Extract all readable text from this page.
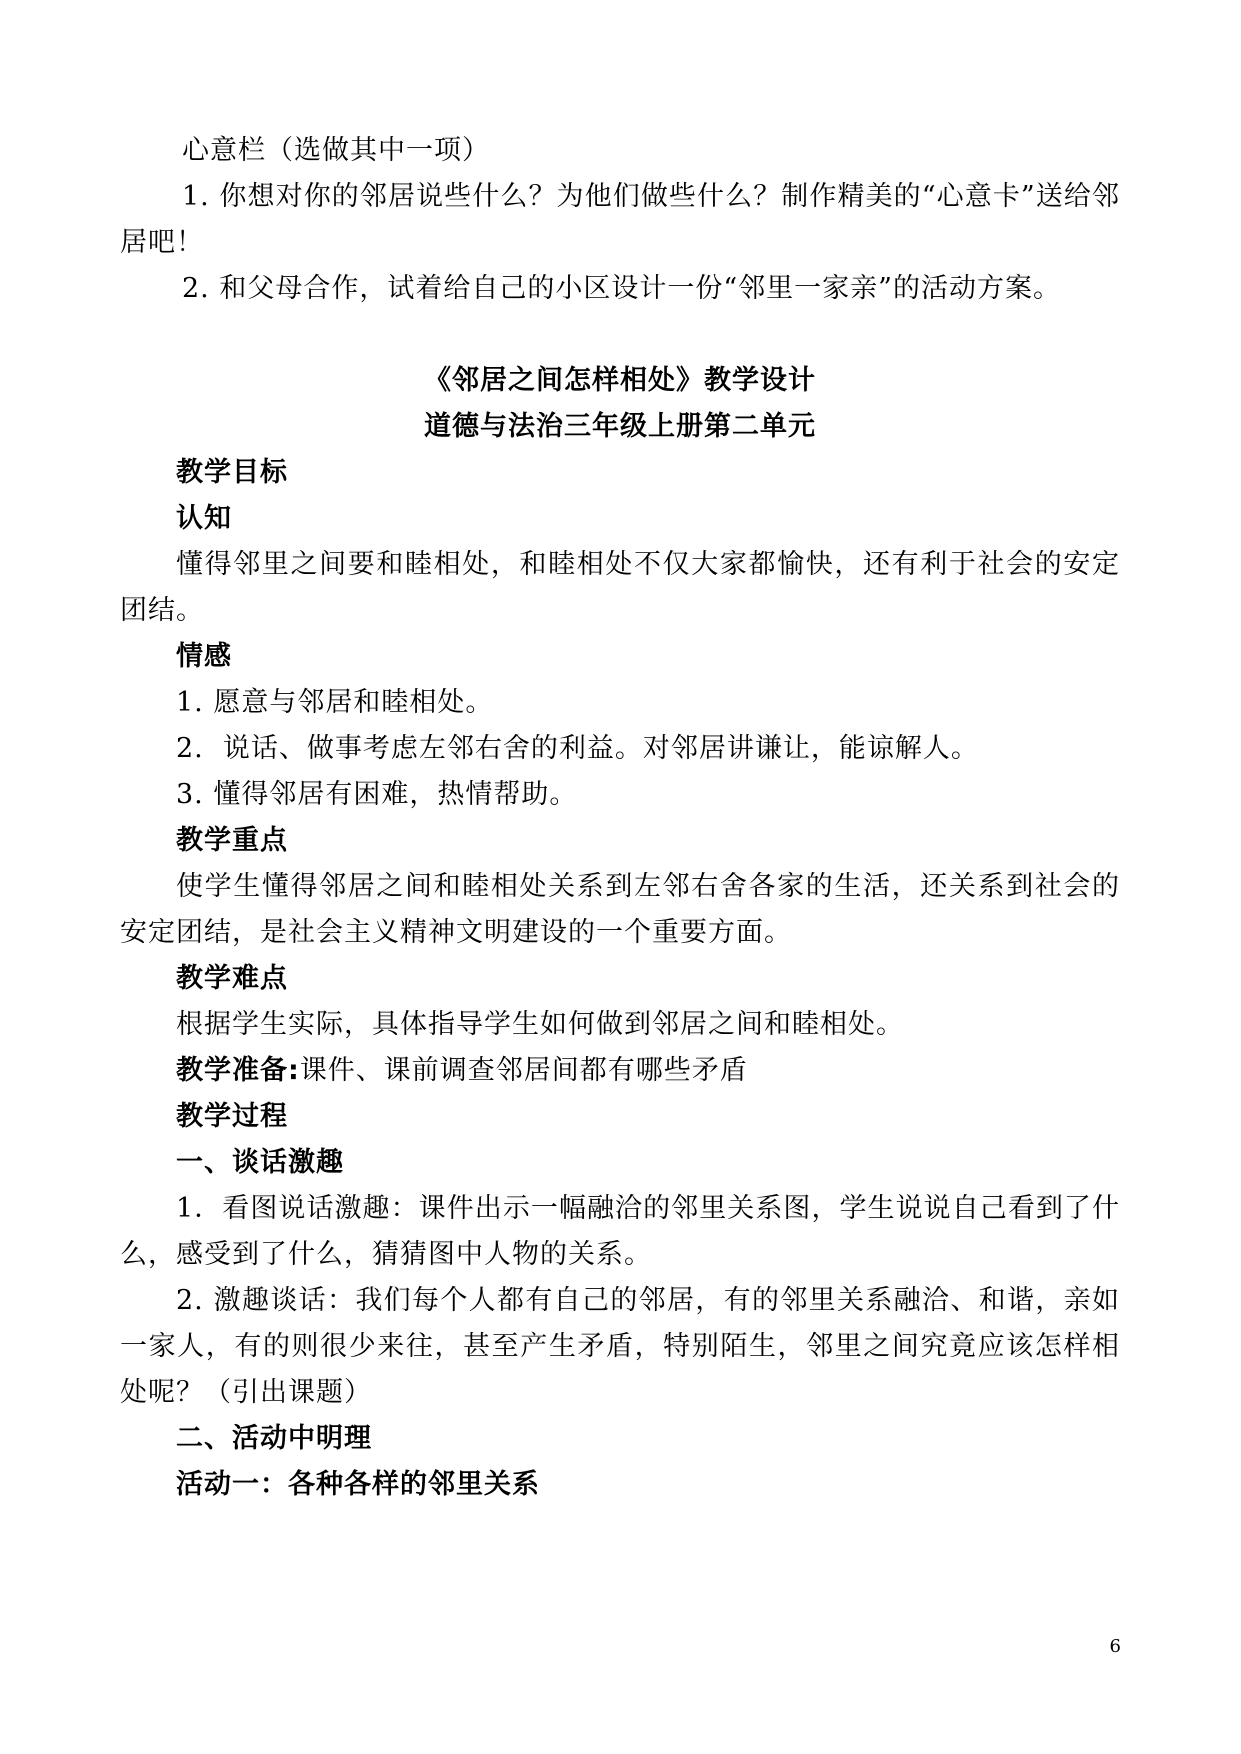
心意栏（选做其中一项）

1. 你想对你的邻居说些什么？为他们做些什么？制作精美的“心意卡”送给邻居吧！

2. 和父母合作，试着给自己的小区设计一份“邻里一家亲”的活动方案。

《邻居之间怎样相处》教学设计

道德与法治三年级上册第二单元

教学目标

认知

懂得邻里之间要和睦相处，和睦相处不仅大家都愉快，还有利于社会的安定团结。

情感

1. 愿意与邻居和睦相处。

2.  说话、做事考虑左邻右舍的利益。对邻居讲谦让，能谅解人。

3. 懂得邻居有困难，热情帮助。

教学重点

使学生懂得邻居之间和睦相处关系到左邻右舍各家的生活，还关系到社会的安定团结，是社会主义精神文明建设的一个重要方面。

教学难点

根据学生实际，具体指导学生如何做到邻居之间和睦相处。

教学准备:课件、课前调查邻居间都有哪些矛盾

教学过程

一、谈话激趣

1．看图说话激趣：课件出示一幅融洽的邻里关系图，学生说说自己看到了什么，感受到了什么，猜猜图中人物的关系。

2. 激趣谈话：我们每个人都有自己的邻居，有的邻里关系融洽、和谐，亲如一家人，有的则很少来往，甚至产生矛盾，特别陌生，邻里之间究竟应该怎样相处呢？（引出课题）

二、活动中明理

活动一：各种各样的邻里关系

6
